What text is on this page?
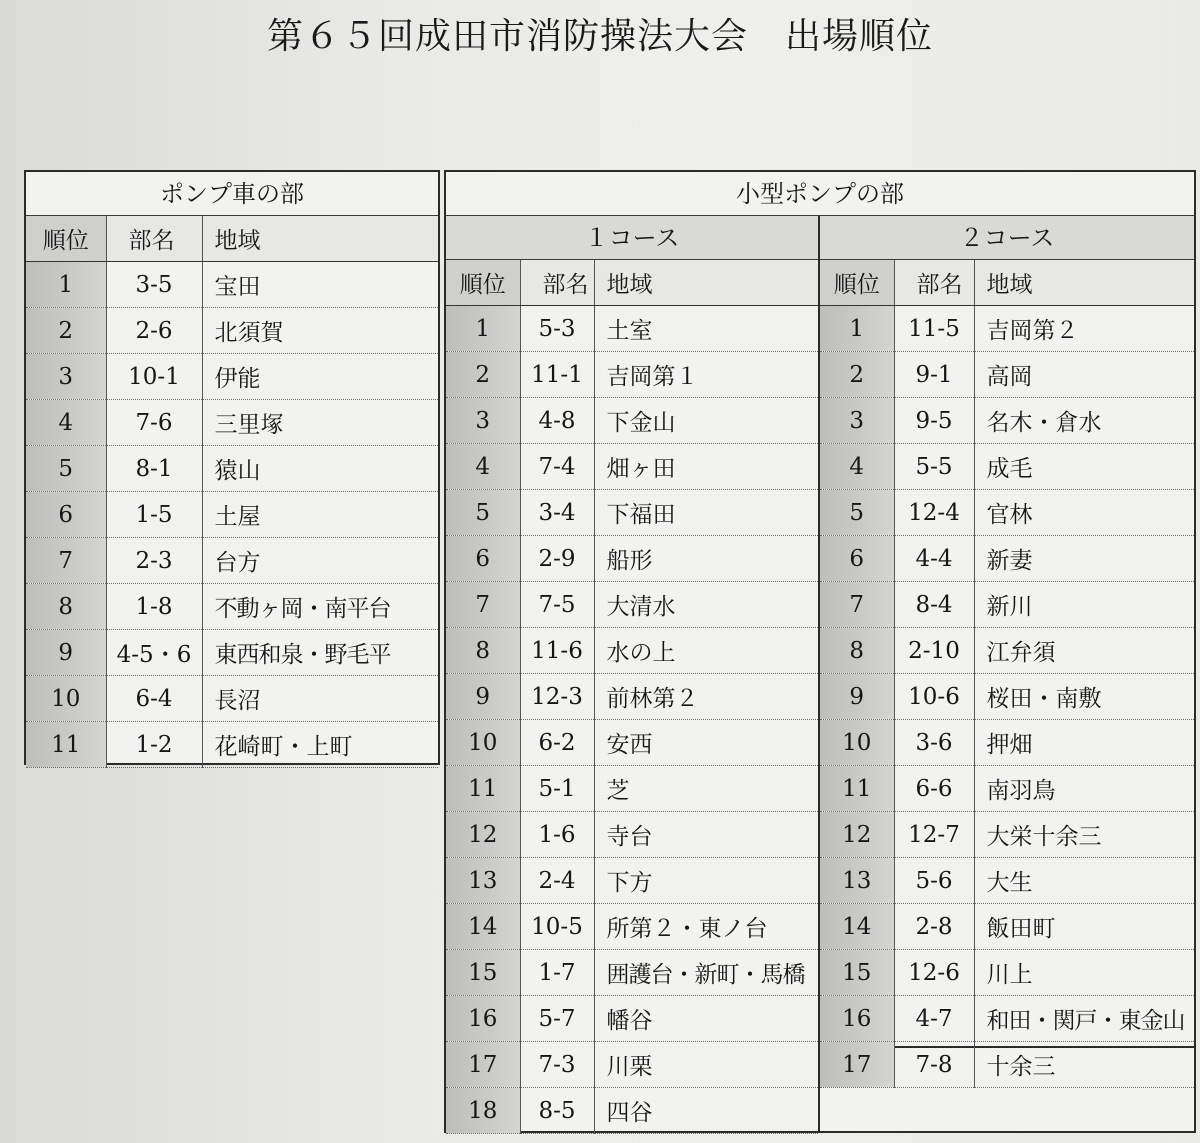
第６５回成田市消防操法大会　出場順位
ポンプ車の部
順位	部名	地域
1	3-5	宝田
2	2-6	北須賀
3	10-1	伊能
4	7-6	三里塚
5	8-1	猿山
6	1-5	土屋
7	2-3	台方
8	1-8	不動ヶ岡・南平台
9	4-5・6	東西和泉・野毛平
10	6-4	長沼
11	1-2	花崎町・上町
小型ポンプの部
１コース
順位	部名	地域
1	5-3	土室
2	11-1	吉岡第１
3	4-8	下金山
4	7-4	畑ヶ田
5	3-4	下福田
6	2-9	船形
7	7-5	大清水
8	11-6	水の上
9	12-3	前林第２
10	6-2	安西
11	5-1	芝
12	1-6	寺台
13	2-4	下方
14	10-5	所第２・東ノ台
15	1-7	囲護台・新町・馬橋
16	5-7	幡谷
17	7-3	川栗
18	8-5	四谷
２コース
順位	部名	地域
1	11-5	吉岡第２
2	9-1	高岡
3	9-5	名木・倉水
4	5-5	成毛
5	12-4	官林
6	4-4	新妻
7	8-4	新川
8	2-10	江弁須
9	10-6	桜田・南敷
10	3-6	押畑
11	6-6	南羽鳥
12	12-7	大栄十余三
13	5-6	大生
14	2-8	飯田町
15	12-6	川上
16	4-7	和田・関戸・東金山
17	7-8	十余三
